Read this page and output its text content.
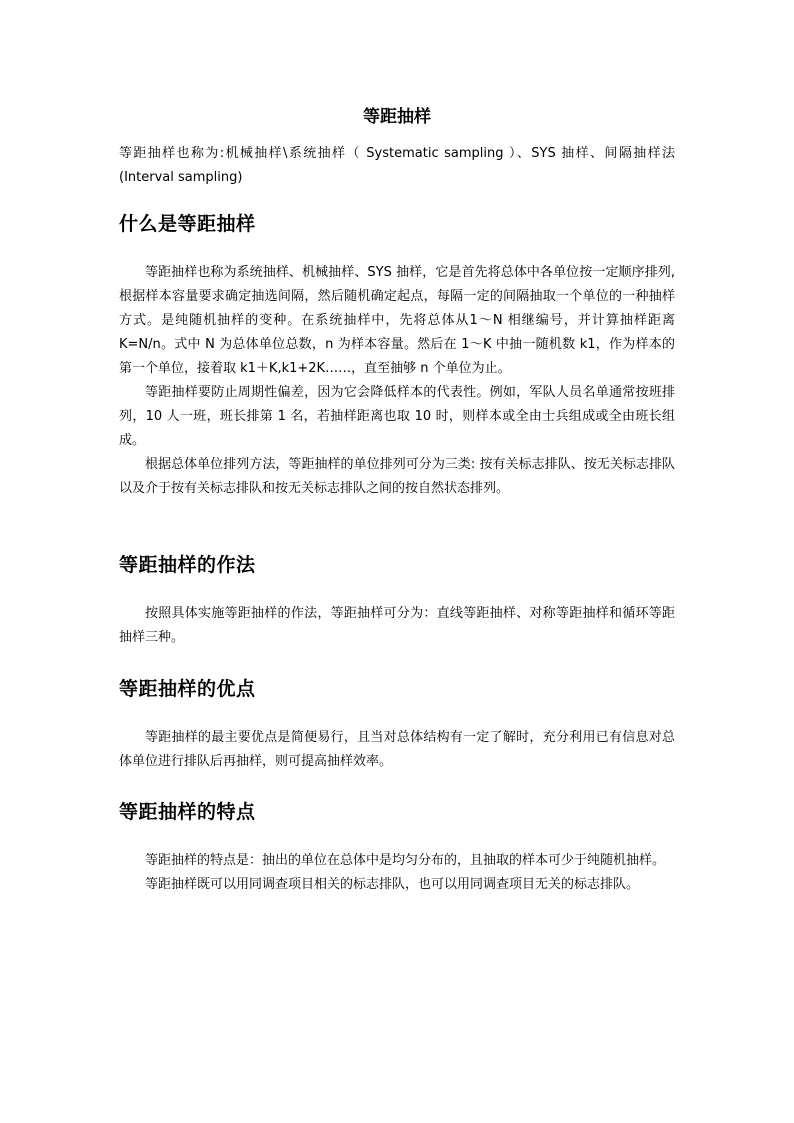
等距抽样

等距抽样也称为:机械抽样\系统抽样（ Systematic sampling ）、SYS 抽样、间隔抽样法(Interval sampling)

什么是等距抽样

等距抽样也称为系统抽样、机械抽样、SYS 抽样，它是首先将总体中各单位按一定顺序排列,根据样本容量要求确定抽选间隔，然后随机确定起点，每隔一定的间隔抽取一个单位的一种抽样方式。是纯随机抽样的变种。在系统抽样中，先将总体从1～N 相继编号，并计算抽样距离 K=N/n。式中 N 为总体单位总数，n 为样本容量。然后在 1～K 中抽一随机数 k1，作为样本的第一个单位，接着取 k1＋K,k1+2K……，直至抽够 n 个单位为止。

等距抽样要防止周期性偏差，因为它会降低样本的代表性。例如，军队人员名单通常按班排列，10 人一班，班长排第 1 名，若抽样距离也取 10 时，则样本或全由士兵组成或全由班长组成。

根据总体单位排列方法，等距抽样的单位排列可分为三类: 按有关标志排队、按无关标志排队以及介于按有关标志排队和按无关标志排队之间的按自然状态排列。

等距抽样的作法

按照具体实施等距抽样的作法，等距抽样可分为：直线等距抽样、对称等距抽样和循环等距抽样三种。

等距抽样的优点

等距抽样的最主要优点是简便易行，且当对总体结构有一定了解时，充分利用已有信息对总体单位进行排队后再抽样，则可提高抽样效率。

等距抽样的特点

等距抽样的特点是：抽出的单位在总体中是均匀分布的，且抽取的样本可少于纯随机抽样。

等距抽样既可以用同调查项目相关的标志排队，也可以用同调查项目无关的标志排队。
